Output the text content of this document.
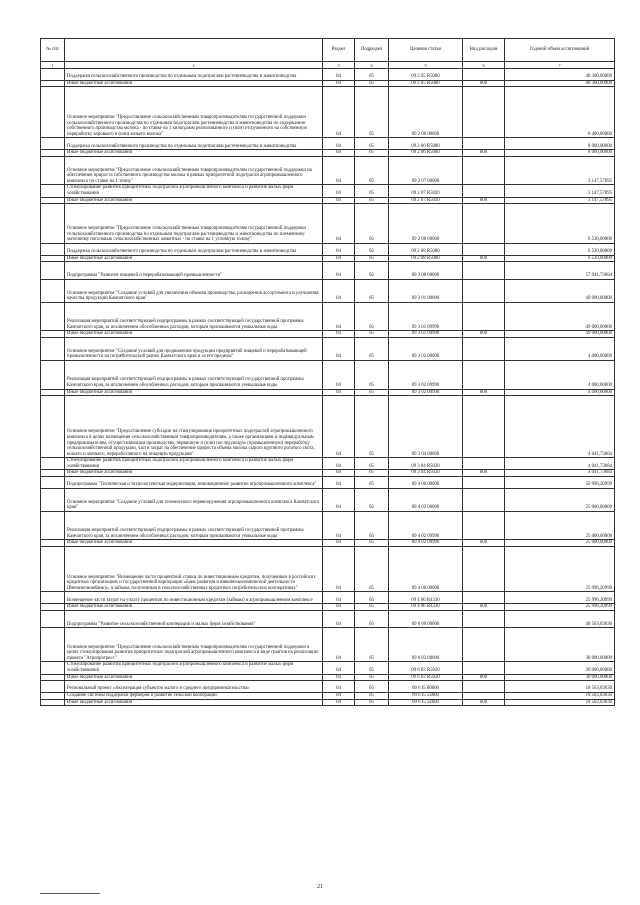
№ п/п		Раздел	Подраздел	Целевая статья	Вид расходов	Годовой объем ассигнований
1	2	3	4	5	6	7
	Поддержка сельскохозяйственного производства по отдельным подотраслям растениеводства и животноводства	04	05	09 2 05 R5080		40 300,00000
	Иные бюджетные ассигнования	04	05	09 2 05 R5080	800	40 300,00000
	Основное мероприятие "Предоставление сельскохозяйственным товаропроизводителям государственной поддержки сельскохозяйственного производства по отдельным подотраслям растениеводства и животноводства по содержанию собственного производства молока - по ставке на 1 килограмм реализованного и (или) отгруженного на собственную переработку коровьего и (или) козьего молока"	04	05	09 2 06 00000		8 400,00000
	Поддержка сельскохозяйственного производства по отдельным подотраслям растениеводства и животноводства	04	05	09 2 06 R5080		8 000,00000
	Иные бюджетные ассигнования	04	05	09 2 06 R5080	800	8 000,00000
	Основное мероприятие "Предоставление сельскохозяйственным товаропроизводителям государственной поддержки на обеспечение прироста собственного производства молока в рамках приоритетной подотрасли агропромышленного комплекса по ставке на 1 тонну"	04	05	09 2 07 00000		3 147,57895
	Стимулирование развития приоритетных подотраслей агропромышленного комплекса и развитие малых форм хозяйствования	04	05	09 2 07 R5020		3 147,57895
	Иные бюджетные ассигнования	04	05	09 2 07 R5020	800	3 147,57895
	Основное мероприятие "Предоставление сельскохозяйственным товаропроизводителям государственной поддержки сельскохозяйственного производства по отдельным подотраслям растениеводства и животноводства по племенному маточному поголовью сельскохозяйственных животных - по ставке на 1 условную голову"	04	05	09 2 08 00000		6 530,00000
	Поддержка сельскохозяйственного производства по отдельным подотраслям растениеводства и животноводства	04	05	09 2 08 R5080		6 530,00000
	Иные бюджетные ассигнования	04	05	09 2 08 R5080	800	6 530,00000
	Подпрограмма "Развитие пищевой и перерабатывающей промышленности"	04	05	09 3 00 00000		57 041,73684
	Основное мероприятие "Создание условий для увеличения объемов производства, расширения ассортимента и улучшения качества продукции Камчатского края"	04	05	09 3 01 00000		49 000,00000
	Реализация мероприятий соответствующей подпрограммы в рамках соответствующей государственной программы Камчатского края, за исключением обособленных расходов, которым присваиваются уникальные коды	04	05	09 3 01 09990		49 000,00000
	Иные бюджетные ассигнования	04	05	09 3 01 09990	800	49 000,00000
	Основное мероприятие "Создание условий для продвижения продукции предприятий пищевой и перерабатывающей промышленности на потребительский рынок Камчатского края и за его пределы"	04	05	09 3 02 00000		4 000,00000
	Реализация мероприятий соответствующей подпрограммы в рамках соответствующей государственной программы Камчатского края, за исключением обособленных расходов, которым присваиваются уникальные коды	04	05	09 3 02 09990		4 000,00000
	Иные бюджетные ассигнования	04	05	09 3 02 09990	800	4 000,00000
	Основное мероприятие "Предоставление субсидии на стимулирование приоритетных подотраслей агропромышленного комплекса в целях возмещения сельскохозяйственным товаропроизводителям, а также организациям и индивидуальным предпринимателям, осуществляющим производство, первичную и (или) последующую (промышленную) переработку сельскохозяйственной продукции, части затрат на обеспечение прироста объема молока сырого крупного рогатого скота, козьего и овечьего, переработанного на пищевую продукцию"	04	05	09 3 04 00000		4 041,73684
	Стимулирование развития приоритетных подотраслей агропромышленного комплекса и развитие малых форм хозяйствования	04	05	09 3 04 R5020		4 041,73684
	Иные бюджетные ассигнования	04	05	09 3 04 R5020	800	4 041,73684
	Подпрограмма "Техническая и технологическая модернизация, инновационное развитие агропромышленного комплекса"	04	05	09 4 00 00000		50 996,20999
	Основное мероприятие "Создание условий для технического перевооружения агропромышленного комплекса Камчатского края"	04	05	09 4 02 00000		25 000,00000
	Реализация мероприятий соответствующей подпрограммы в рамках соответствующей государственной программы Камчатского края, за исключением обособленных расходов, которым присваиваются уникальные коды	04	05	09 4 02 09990		25 000,00000
	Иные бюджетные ассигнования	04	05	09 4 02 09990	800	25 000,00000
	Основное мероприятие "Возмещение части процентной ставки по инвестиционным кредитам, полученным в российских кредитных организациях и государственной корпорации «Банк развития и внешнеэкономической деятельности (Внешэкономбанк)», и займам, полученным в сельскохозяйственных кредитных потребительских кооперативах"	04	05	09 4 06 00000		25 996,20999
	Возмещение части затрат на уплату процентов по инвестиционным кредитам (займам) в агропромышленном комплексе	04	05	09 4 06 R4330		25 996,20999
	Иные бюджетные ассигнования	04	05	09 4 06 R4330	800	25 996,20999
	Подпрограмма "Развитие сельскохозяйственной кооперации и малых форм хозяйствования"	04	05	09 6 00 00000		48 503,03030
	Основное мероприятие "Предоставление сельскохозяйственным товаропроизводителям государственной поддержки в целях стимулирования развития приоритетных подотраслей агропромышленного комплекса в виде грантов на реализацию проекта "Агропрогресс"	04	05	09 6 03 00000		30 000,00000
	Стимулирование развития приоритетных подотраслей агропромышленного комплекса и развитие малых форм хозяйствования	04	05	09 6 03 R5020		30 000,00000
	Иные бюджетные ассигнования	04	05	09 6 03 R5020	800	30 000,00000
	Региональный проект «Акселерация субъектов малого и среднего предпринимательства»	04	05	09 6 I5 00000		18 503,03030
	Создание системы поддержки фермеров и развитие сельской кооперации	04	05	09 6 I5 54800		18 503,03030
	Иные бюджетные ассигнования	04	05	09 6 I5 54800	800	18 503,03030
21
